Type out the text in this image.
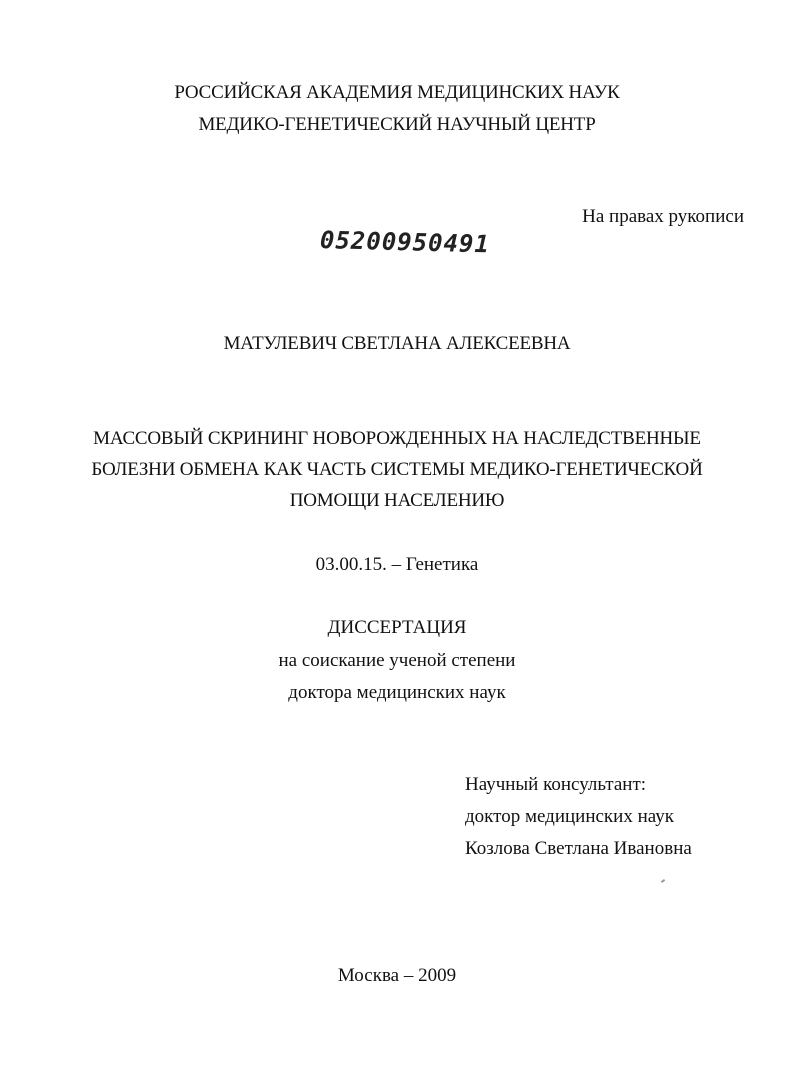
РОССИЙСКАЯ АКАДЕМИЯ МЕДИЦИНСКИХ НАУК
МЕДИКО-ГЕНЕТИЧЕСКИЙ НАУЧНЫЙ ЦЕНТР
На правах рукописи
05200950491
МАТУЛЕВИЧ СВЕТЛАНА АЛЕКСЕЕВНА
МАССОВЫЙ СКРИНИНГ НОВОРОЖДЕННЫХ НА НАСЛЕДСТВЕННЫЕ
БОЛЕЗНИ ОБМЕНА КАК ЧАСТЬ СИСТЕМЫ МЕДИКО-ГЕНЕТИЧЕСКОЙ
ПОМОЩИ НАСЕЛЕНИЮ
03.00.15. – Генетика
ДИССЕРТАЦИЯ
на соискание ученой степени
доктора медицинских наук
Научный консультант:
доктор медицинских наук
Козлова Светлана Ивановна
Москва – 2009
